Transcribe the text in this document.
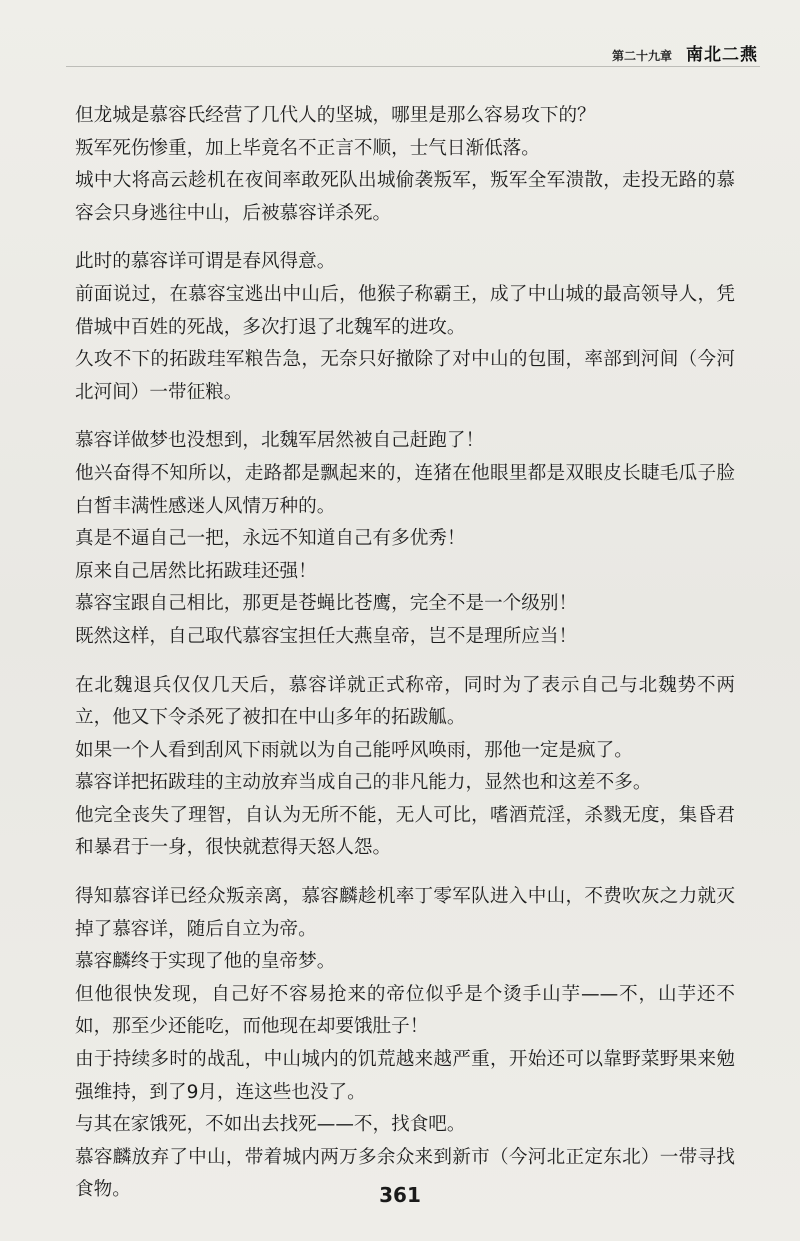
第二十九章 南北二燕

但龙城是慕容氏经营了几代人的坚城，哪里是那么容易攻下的？

叛军死伤惨重，加上毕竟名不正言不顺，士气日渐低落。

城中大将高云趁机在夜间率敢死队出城偷袭叛军，叛军全军溃散，走投无路的慕容会只身逃往中山，后被慕容详杀死。

此时的慕容详可谓是春风得意。

前面说过，在慕容宝逃出中山后，他猴子称霸王，成了中山城的最高领导人，凭借城中百姓的死战，多次打退了北魏军的进攻。

久攻不下的拓跋珪军粮告急，无奈只好撤除了对中山的包围，率部到河间（今河北河间）一带征粮。

慕容详做梦也没想到，北魏军居然被自己赶跑了！

他兴奋得不知所以，走路都是飘起来的，连猪在他眼里都是双眼皮长睫毛瓜子脸白皙丰满性感迷人风情万种的。

真是不逼自己一把，永远不知道自己有多优秀！

原来自己居然比拓跋珪还强！

慕容宝跟自己相比，那更是苍蝇比苍鹰，完全不是一个级别！

既然这样，自己取代慕容宝担任大燕皇帝，岂不是理所应当！

在北魏退兵仅仅几天后，慕容详就正式称帝，同时为了表示自己与北魏势不两立，他又下令杀死了被扣在中山多年的拓跋觚。

如果一个人看到刮风下雨就以为自己能呼风唤雨，那他一定是疯了。

慕容详把拓跋珪的主动放弃当成自己的非凡能力，显然也和这差不多。

他完全丧失了理智，自认为无所不能，无人可比，嗜酒荒淫，杀戮无度，集昏君和暴君于一身，很快就惹得天怒人怨。

得知慕容详已经众叛亲离，慕容麟趁机率丁零军队进入中山，不费吹灰之力就灭掉了慕容详，随后自立为帝。

慕容麟终于实现了他的皇帝梦。

但他很快发现，自己好不容易抢来的帝位似乎是个烫手山芋——不，山芋还不如，那至少还能吃，而他现在却要饿肚子！

由于持续多时的战乱，中山城内的饥荒越来越严重，开始还可以靠野菜野果来勉强维持，到了9月，连这些也没了。

与其在家饿死，不如出去找死——不，找食吧。

慕容麟放弃了中山，带着城内两万多余众来到新市（今河北正定东北）一带寻找食物。	361
